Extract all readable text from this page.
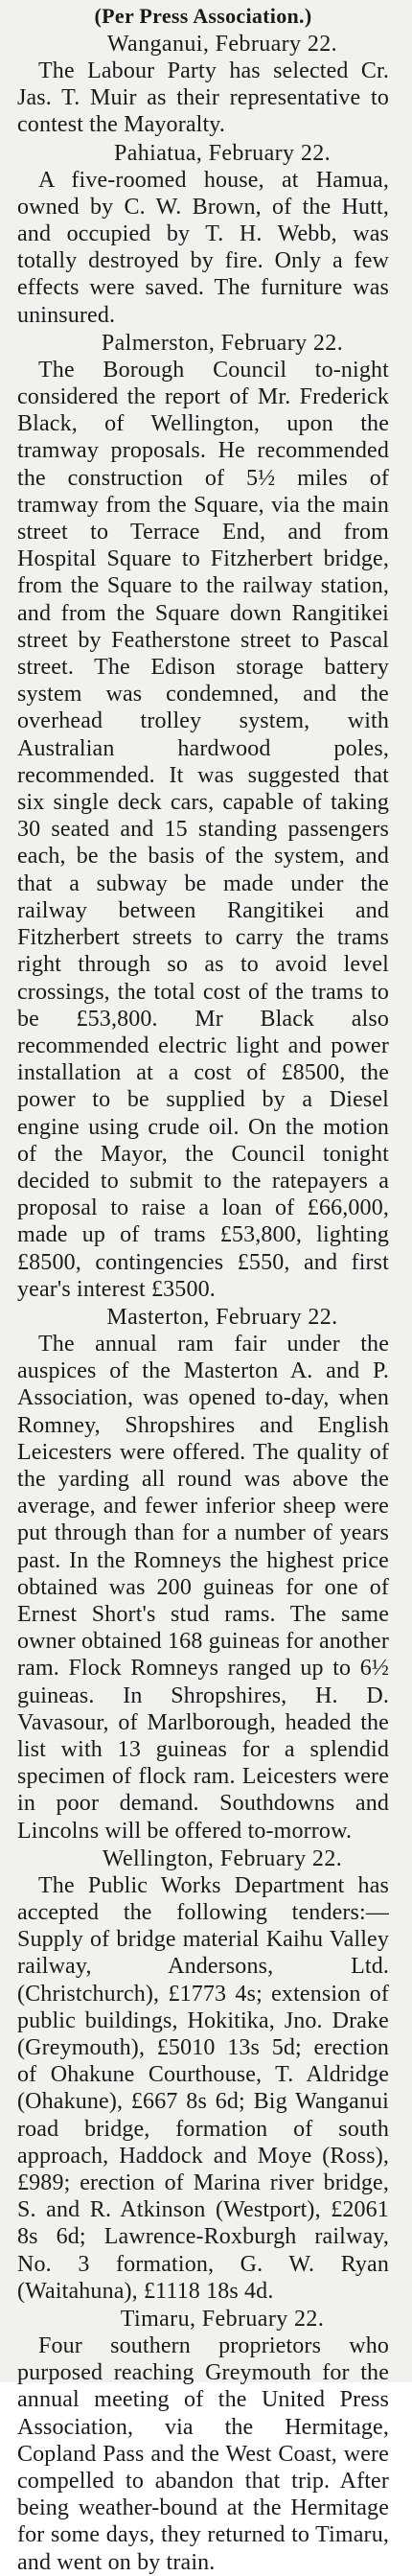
(Per Press Association.)

Wanganui, February 22.

The Labour Party has selected Cr. Jas. T. Muir as their representative to contest the Mayoralty.

Pahiatua, February 22.

A five-roomed house, at Hamua, owned by C. W. Brown, of the Hutt, and occupied by T. H. Webb, was totally destroyed by fire. Only a few effects were saved. The furniture was uninsured.

Palmerston, February 22.

The Borough Council to-night considered the report of Mr. Frederick Black, of Wellington, upon the tramway proposals. He recommended the construction of 5½ miles of tramway from the Square, via the main street to Terrace End, and from Hospital Square to Fitzherbert bridge, from the Square to the railway station, and from the Square down Rangitikei street by Featherstone street to Pascal street. The Edison storage battery system was condemned, and the overhead trolley system, with Australian hardwood poles, recommended. It was suggested that six single deck cars, capable of taking 30 seated and 15 standing passengers each, be the basis of the system, and that a subway be made under the railway between Rangitikei and Fitzherbert streets to carry the trams right through so as to avoid level crossings, the total cost of the trams to be £53,800. Mr Black also recommended electric light and power installation at a cost of £8500, the power to be supplied by a Diesel engine using crude oil. On the motion of the Mayor, the Council tonight decided to submit to the ratepayers a proposal to raise a loan of £66,000, made up of trams £53,800, lighting £8500, contingencies £550, and first year's interest £3500.

Masterton, February 22.

The annual ram fair under the auspices of the Masterton A. and P. Association, was opened to-day, when Romney, Shropshires and English Leicesters were offered. The quality of the yarding all round was above the average, and fewer inferior sheep were put through than for a number of years past. In the Romneys the highest price obtained was 200 guineas for one of Ernest Short's stud rams. The same owner obtained 168 guineas for another ram. Flock Romneys ranged up to 6½ guineas. In Shropshires, H. D. Vavasour, of Marlborough, headed the list with 13 guineas for a splendid specimen of flock ram. Leicesters were in poor demand. Southdowns and Lincolns will be offered to-morrow.

Wellington, February 22.

The Public Works Department has accepted the following tenders:—Supply of bridge material Kaihu Valley railway, Andersons, Ltd. (Christchurch), £1773 4s; extension of public buildings, Hokitika, Jno. Drake (Greymouth), £5010 13s 5d; erection of Ohakune Courthouse, T. Aldridge (Ohakune), £667 8s 6d; Big Wanganui road bridge, formation of south approach, Haddock and Moye (Ross), £989; erection of Marina river bridge, S. and R. Atkinson (Westport), £2061 8s 6d; Lawrence-Roxburgh railway, No. 3 formation, G. W. Ryan (Waitahuna), £1118 18s 4d.

Timaru, February 22.

Four southern proprietors who purposed reaching Greymouth for the annual meeting of the United Press Association, via the Hermitage, Copland Pass and the West Coast, were compelled to abandon that trip. After being weather-bound at the Hermitage for some days, they returned to Timaru, and went on by train.
